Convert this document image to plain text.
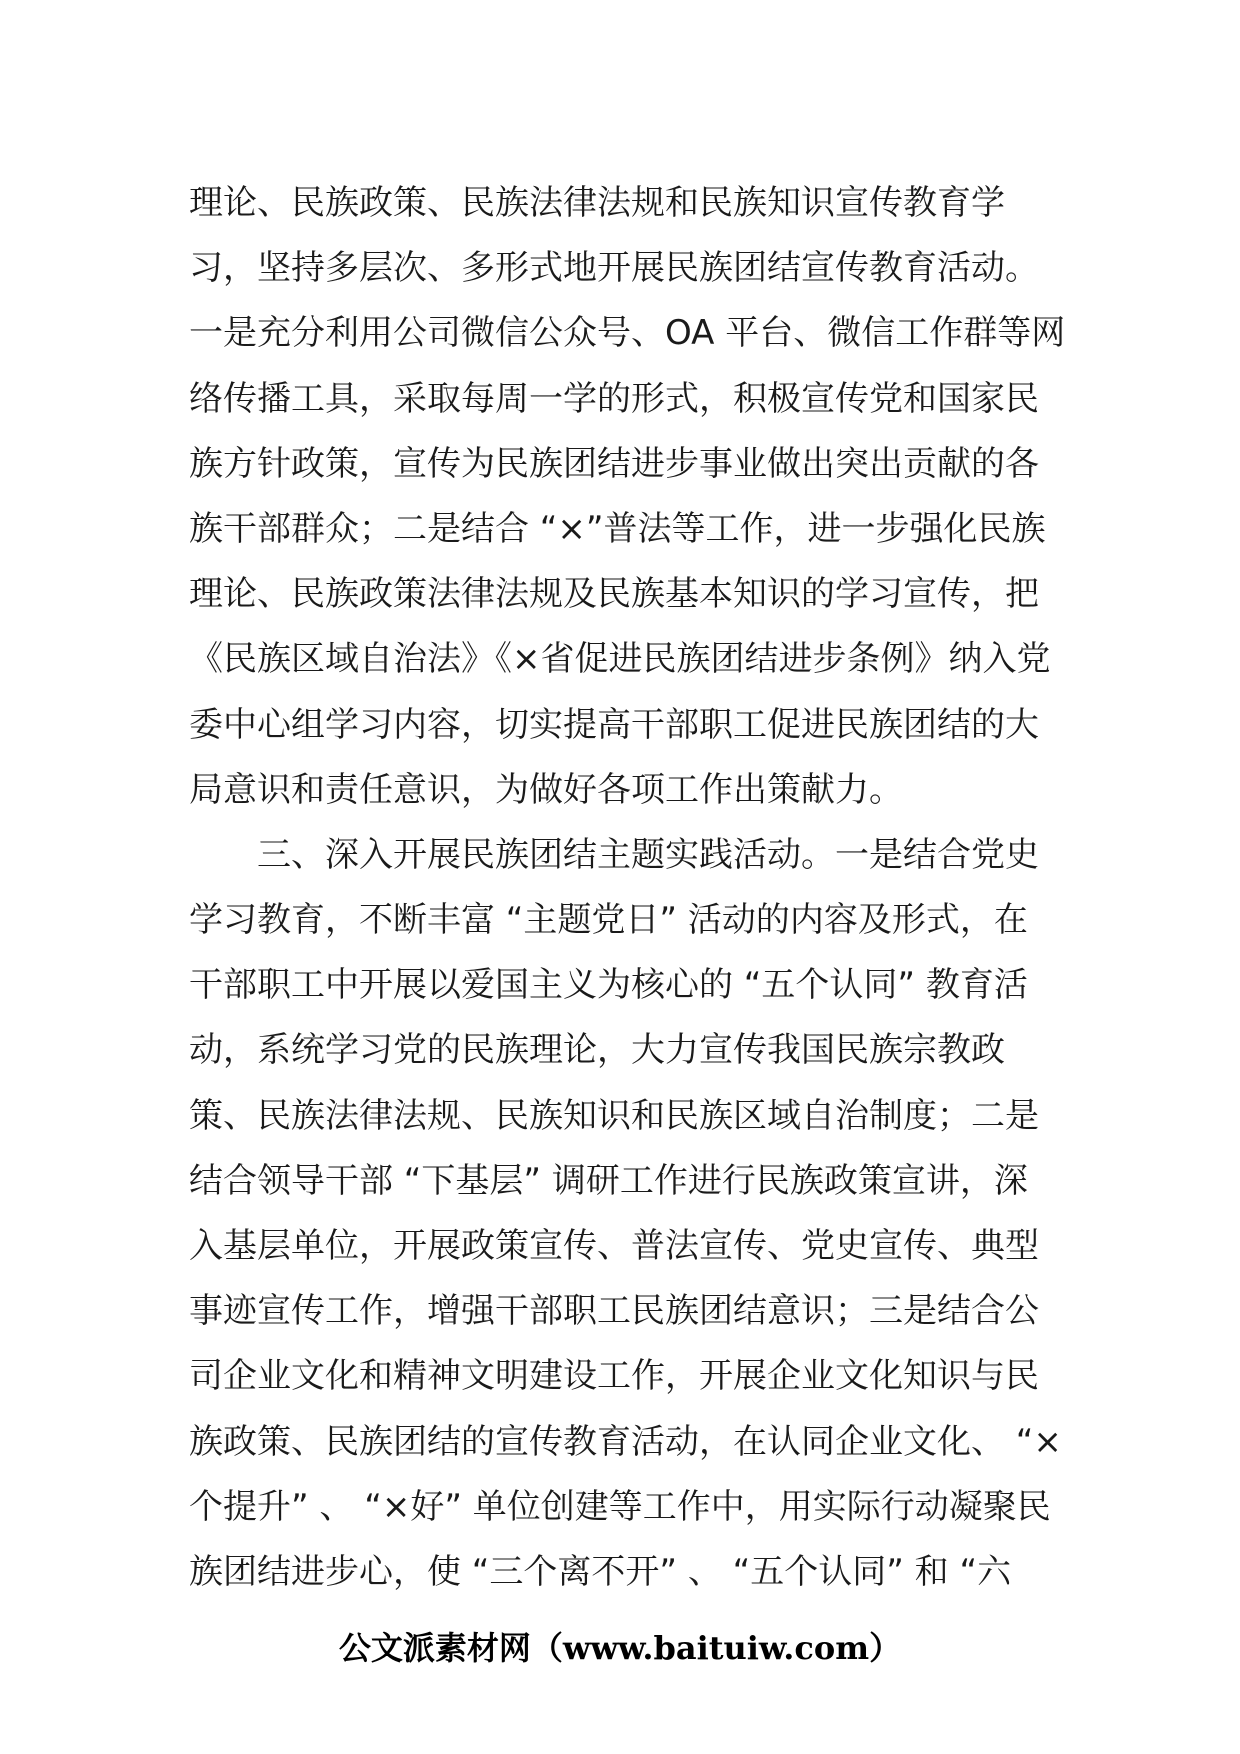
理论、民族政策、民族法律法规和民族知识宣传教育学
习，坚持多层次、多形式地开展民族团结宣传教育活动。
一是充分利用公司微信公众号、OA 平台、微信工作群等网
络传播工具，采取每周一学的形式，积极宣传党和国家民
族方针政策，宣传为民族团结进步事业做出突出贡献的各
族干部群众；二是结合 “×”普法等工作，进一步强化民族
理论、民族政策法律法规及民族基本知识的学习宣传，把
《民族区域自治法》《×省促进民族团结进步条例》纳入党
委中心组学习内容，切实提高干部职工促进民族团结的大
局意识和责任意识，为做好各项工作出策献力。
三、深入开展民族团结主题实践活动。一是结合党史
学习教育，不断丰富 “主题党日” 活动的内容及形式，在
干部职工中开展以爱国主义为核心的 “五个认同” 教育活
动，系统学习党的民族理论，大力宣传我国民族宗教政
策、民族法律法规、民族知识和民族区域自治制度；二是
结合领导干部 “下基层” 调研工作进行民族政策宣讲，深
入基层单位，开展政策宣传、普法宣传、党史宣传、典型
事迹宣传工作，增强干部职工民族团结意识；三是结合公
司企业文化和精神文明建设工作，开展企业文化知识与民
族政策、民族团结的宣传教育活动，在认同企业文化、 “×
个提升” 、 “×好” 单位创建等工作中，用实际行动凝聚民
族团结进步心，使 “三个离不开” 、 “五个认同” 和 “六
公文派素材网（www.baituiw.com）
